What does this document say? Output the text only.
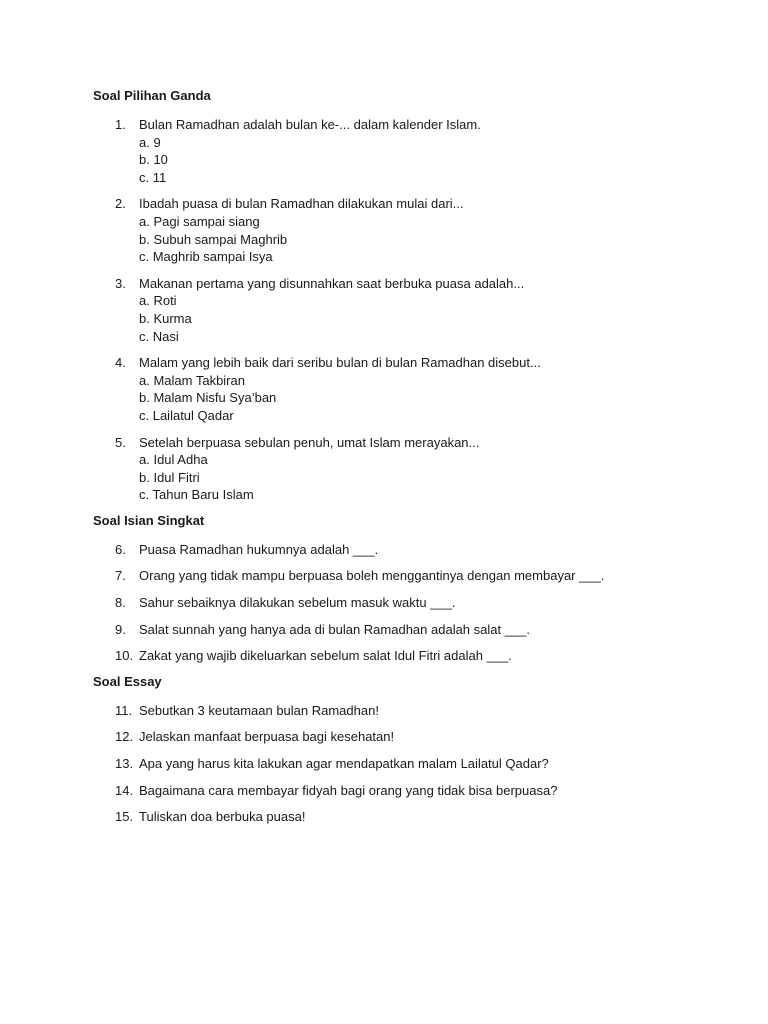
Soal Pilihan Ganda
1.	Bulan Ramadhan adalah bulan ke-... dalam kalender Islam.
a. 9
b. 10
c. 11
2.	Ibadah puasa di bulan Ramadhan dilakukan mulai dari...
a. Pagi sampai siang
b. Subuh sampai Maghrib
c. Maghrib sampai Isya
3.	Makanan pertama yang disunnahkan saat berbuka puasa adalah...
a. Roti
b. Kurma
c. Nasi
4.	Malam yang lebih baik dari seribu bulan di bulan Ramadhan disebut...
a. Malam Takbiran
b. Malam Nisfu Sya’ban
c. Lailatul Qadar
5.	Setelah berpuasa sebulan penuh, umat Islam merayakan...
a. Idul Adha
b. Idul Fitri
c. Tahun Baru Islam
Soal Isian Singkat
6.	Puasa Ramadhan hukumnya adalah ___.
7.	Orang yang tidak mampu berpuasa boleh menggantinya dengan membayar ___.
8.	Sahur sebaiknya dilakukan sebelum masuk waktu ___.
9.	Salat sunnah yang hanya ada di bulan Ramadhan adalah salat ___.
10. Zakat yang wajib dikeluarkan sebelum salat Idul Fitri adalah ___.
Soal Essay
11. Sebutkan 3 keutamaan bulan Ramadhan!
12. Jelaskan manfaat berpuasa bagi kesehatan!
13. Apa yang harus kita lakukan agar mendapatkan malam Lailatul Qadar?
14. Bagaimana cara membayar fidyah bagi orang yang tidak bisa berpuasa?
15. Tuliskan doa berbuka puasa!
